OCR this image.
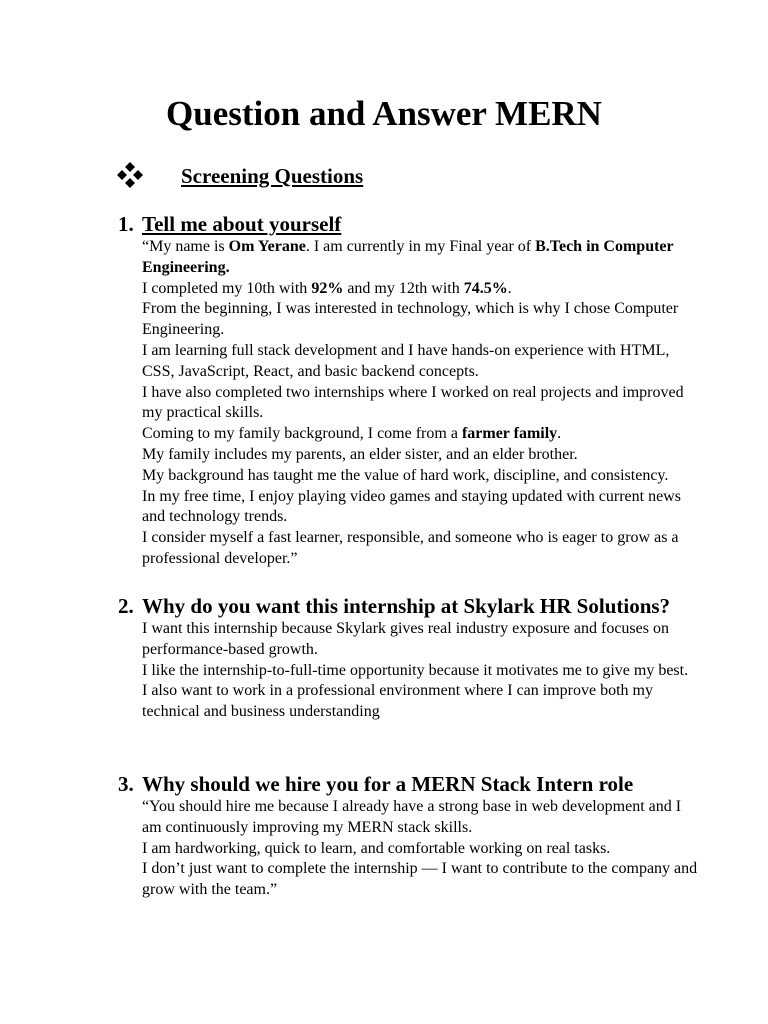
Question and Answer MERN
Screening Questions
1. Tell me about yourself

“My name is Om Yerane. I am currently in my Final year of B.Tech in Computer Engineering.

I completed my 10th with 92% and my 12th with 74.5%.

From the beginning, I was interested in technology, which is why I chose Computer Engineering.

I am learning full stack development and I have hands-on experience with HTML, CSS, JavaScript, React, and basic backend concepts.

I have also completed two internships where I worked on real projects and improved my practical skills.

Coming to my family background, I come from a farmer family.

My family includes my parents, an elder sister, and an elder brother.

My background has taught me the value of hard work, discipline, and consistency.

In my free time, I enjoy playing video games and staying updated with current news and technology trends.

I consider myself a fast learner, responsible, and someone who is eager to grow as a professional developer.”

2. Why do you want this internship at Skylark HR Solutions?

I want this internship because Skylark gives real industry exposure and focuses on performance-based growth.

I like the internship-to-full-time opportunity because it motivates me to give my best.

I also want to work in a professional environment where I can improve both my technical and business understanding

3. Why should we hire you for a MERN Stack Intern role

“You should hire me because I already have a strong base in web development and I am continuously improving my MERN stack skills.

I am hardworking, quick to learn, and comfortable working on real tasks.

I don’t just want to complete the internship — I want to contribute to the company and grow with the team.”
